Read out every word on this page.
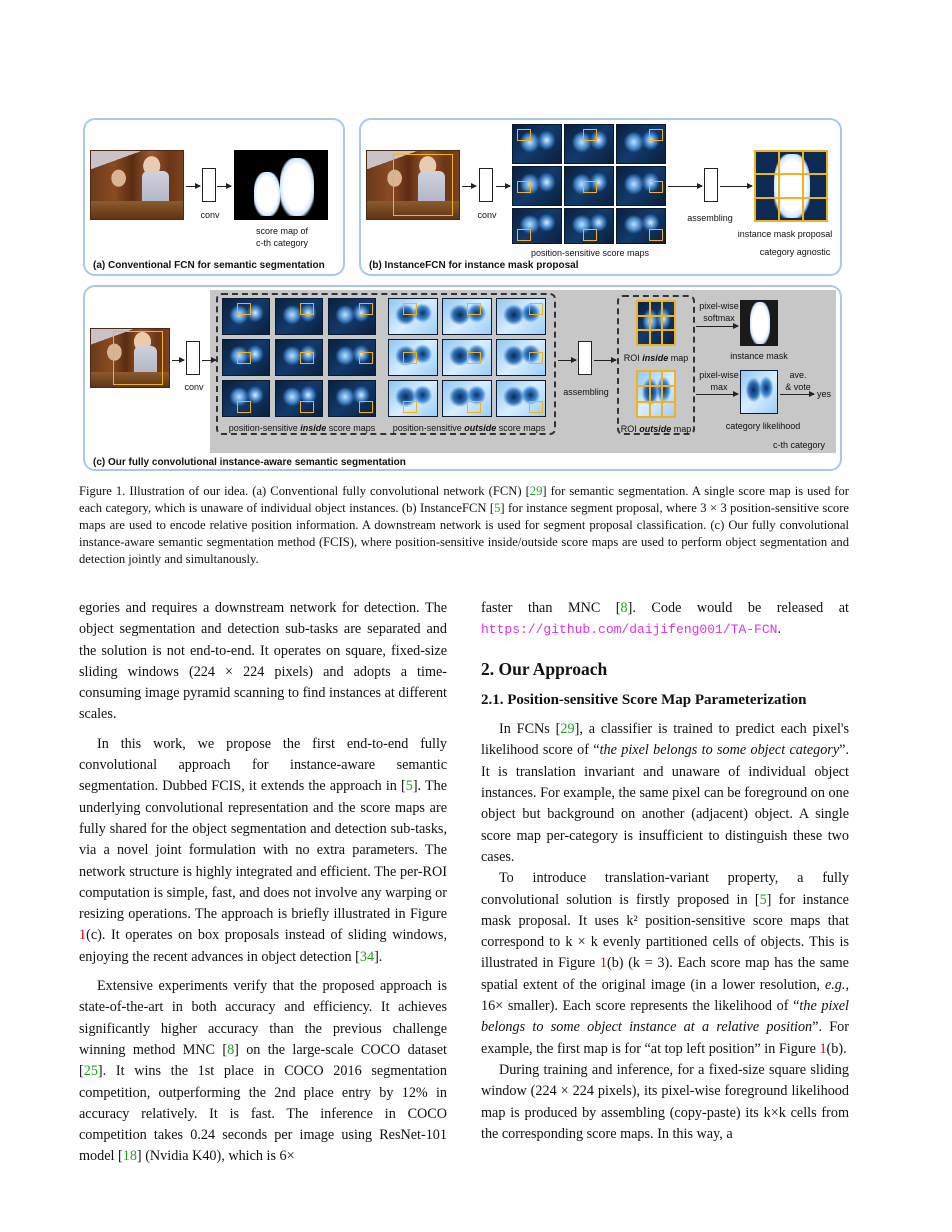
conv
score map of
c-th category
(a) Conventional FCN for semantic segmentation
conv
position-sensitive score maps
assembling
instance mask proposal
category agnostic
(b) InstanceFCN for instance mask proposal
conv
position-sensitive inside score maps	position-sensitive outside score maps
assembling
ROI inside map
ROI outside map
pixel-wise
softmax
instance mask
pixel-wise
max
ave.
& vote
yes
category likelihood
c-th category
(c) Our fully convolutional instance-aware semantic segmentation

Figure 1. Illustration of our idea. (a) Conventional fully convolutional network (FCN) [29] for semantic segmentation. A single score map is used for each category, which is unaware of individual object instances. (b) InstanceFCN [5] for instance segment proposal, where 3 × 3 position-sensitive score maps are used to encode relative position information. A downstream network is used for segment proposal classification. (c) Our fully convolutional instance-aware semantic segmentation method (FCIS), where position-sensitive inside/outside score maps are used to perform object segmentation and detection jointly and simultanously.

egories and requires a downstream network for detection. The object segmentation and detection sub-tasks are separated and the solution is not end-to-end. It operates on square, fixed-size sliding windows (224 × 224 pixels) and adopts a time-consuming image pyramid scanning to find instances at different scales.

In this work, we propose the first end-to-end fully convolutional approach for instance-aware semantic segmentation. Dubbed FCIS, it extends the approach in [5]. The underlying convolutional representation and the score maps are fully shared for the object segmentation and detection sub-tasks, via a novel joint formulation with no extra parameters. The network structure is highly integrated and efficient. The per-ROI computation is simple, fast, and does not involve any warping or resizing operations. The approach is briefly illustrated in Figure 1(c). It operates on box proposals instead of sliding windows, enjoying the recent advances in object detection [34].

Extensive experiments verify that the proposed approach is state-of-the-art in both accuracy and efficiency. It achieves significantly higher accuracy than the previous challenge winning method MNC [8] on the large-scale COCO dataset [25]. It wins the 1st place in COCO 2016 segmentation competition, outperforming the 2nd place entry by 12% in accuracy relatively. It is fast. The inference in COCO competition takes 0.24 seconds per image using ResNet-101 model [18] (Nvidia K40), which is 6×

faster than MNC [8]. Code would be released at https://github.com/daijifeng001/TA-FCN.

2. Our Approach
2.1. Position-sensitive Score Map Parameterization

In FCNs [29], a classifier is trained to predict each pixel's likelihood score of “the pixel belongs to some object category”. It is translation invariant and unaware of individual object instances. For example, the same pixel can be foreground on one object but background on another (adjacent) object. A single score map per-category is insufficient to distinguish these two cases.

To introduce translation-variant property, a fully convolutional solution is firstly proposed in [5] for instance mask proposal. It uses k² position-sensitive score maps that correspond to k × k evenly partitioned cells of objects. This is illustrated in Figure 1(b) (k = 3). Each score map has the same spatial extent of the original image (in a lower resolution, e.g., 16× smaller). Each score represents the likelihood of “the pixel belongs to some object instance at a relative position”. For example, the first map is for “at top left position” in Figure 1(b).

During training and inference, for a fixed-size square sliding window (224 × 224 pixels), its pixel-wise foreground likelihood map is produced by assembling (copy-paste) its k×k cells from the corresponding score maps. In this way, a
